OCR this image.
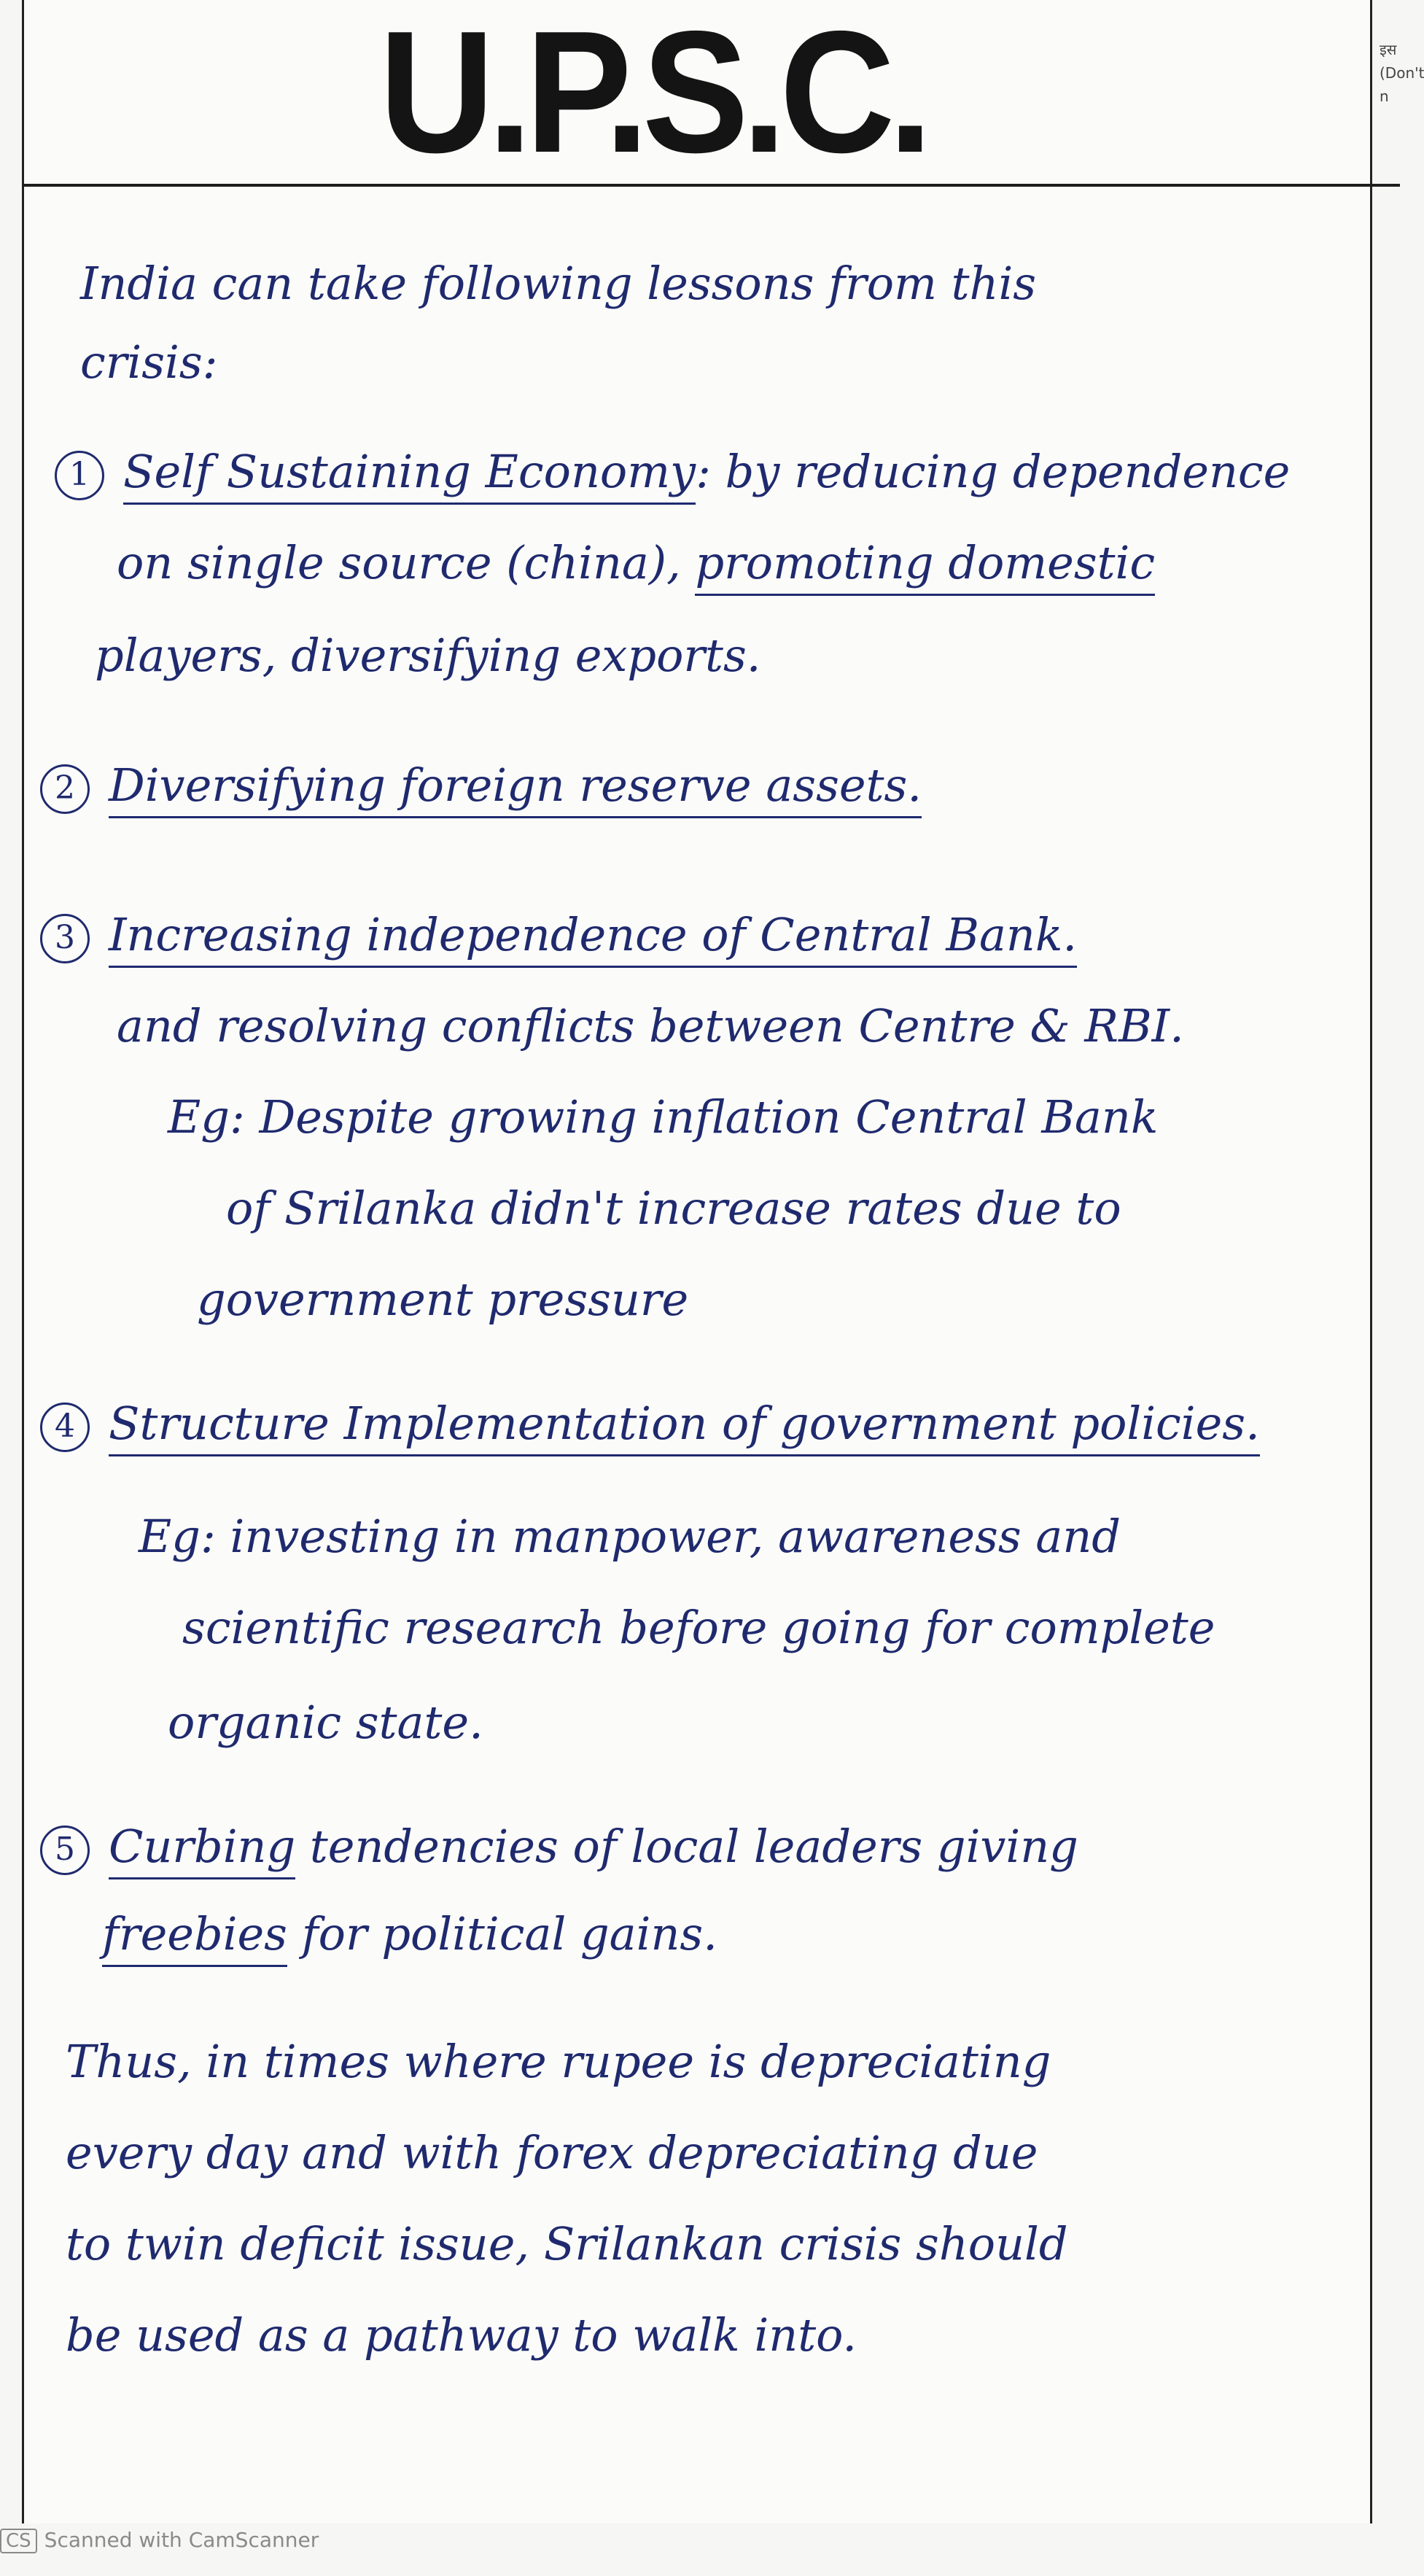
U.P.S.C.	इस
(Don't
n
India can take following lessons from this
crisis:
1 Self Sustaining Economy: by reducing dependence
on single source (china), promoting domestic
players, diversifying exports.
2 Diversifying foreign reserve assets.
3 Increasing independence of Central Bank.
and resolving conflicts between Centre & RBI.
Eg: Despite growing inflation Central Bank
of Srilanka didn't increase rates due to
government pressure
4 Structure Implementation of government policies.
Eg: investing in manpower, awareness and
scientific research before going for complete
organic state.
5 Curbing tendencies of local leaders giving
freebies for political gains.
Thus, in times where rupee is depreciating
every day and with forex depreciating due
to twin deficit issue, Srilankan crisis should
be used as a pathway to walk into.
CS Scanned with CamScanner
